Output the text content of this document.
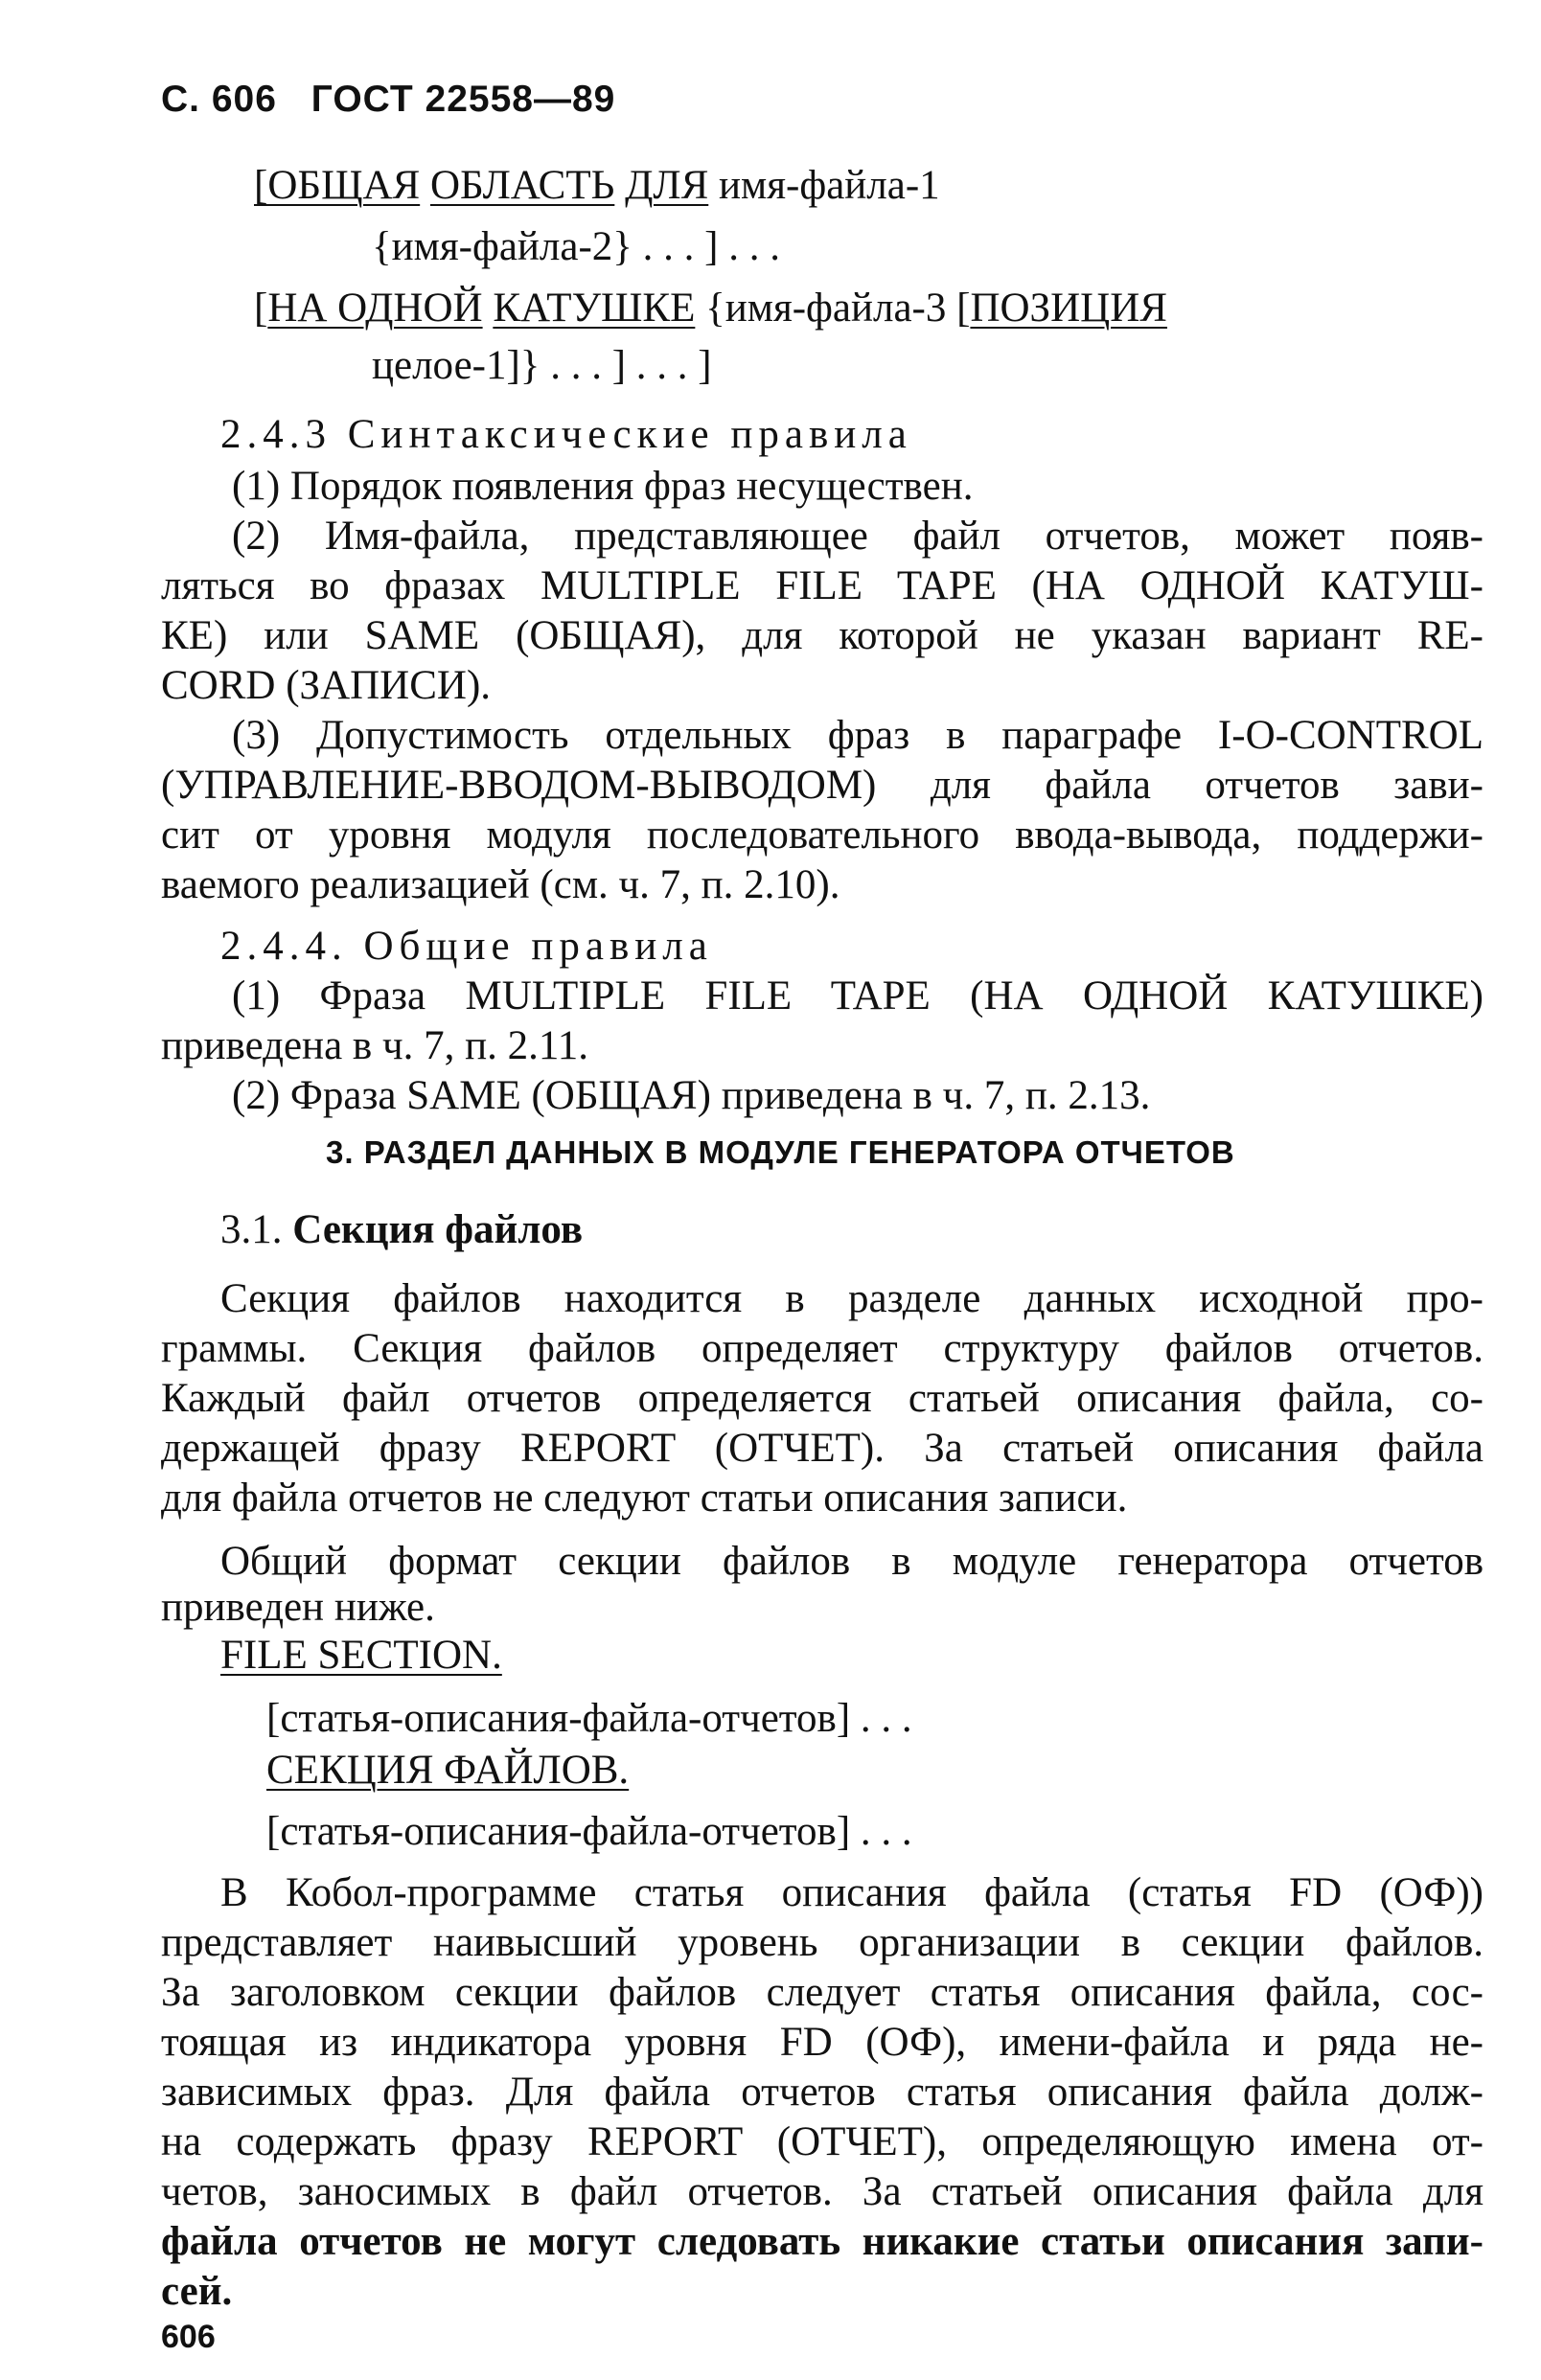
С. 606 ГОСТ 22558—89
[ОБЩАЯ ОБЛАСТЬ ДЛЯ имя-файла-1
{имя-файла-2} . . . ] . . .
[НА ОДНОЙ КАТУШКЕ {имя-файла-3 [ПОЗИЦИЯ
целое-1]} . . . ] . . . ]
2.4.3 Синтаксические правила
(1) Порядок появления фраз несуществен.
(2) Имя-файла, представляющее файл отчетов, может появ-
ляться во фразах MULTIPLE FILE TAPE (НА ОДНОЙ КАТУШ-
КЕ) или SAME (ОБЩАЯ), для которой не указан вариант RE-
CORD (ЗАПИСИ).
(3) Допустимость отдельных фраз в параграфе I-O-CONTROL
(УПРАВЛЕНИЕ-ВВОДОМ-ВЫВОДОМ) для файла отчетов зави-
сит от уровня модуля последовательного ввода-вывода, поддержи-
ваемого реализацией (см. ч. 7, п. 2.10).
2.4.4. Общие правила
(1) Фраза MULTIPLE FILE TAPE (НА ОДНОЙ КАТУШКЕ)
приведена в ч. 7, п. 2.11.
(2) Фраза SAME (ОБЩАЯ) приведена в ч. 7, п. 2.13.
3. РАЗДЕЛ ДАННЫХ В МОДУЛЕ ГЕНЕРАТОРА ОТЧЕТОВ
3.1. Секция файлов
Секция файлов находится в разделе данных исходной про-
граммы. Секция файлов определяет структуру файлов отчетов.
Каждый файл отчетов определяется статьей описания файла, со-
держащей фразу REPORT (ОТЧЕТ). За статьей описания файла
для файла отчетов не следуют статьи описания записи.
Общий формат секции файлов в модуле генератора отчетов
приведен ниже.
FILE SECTION.
[статья-описания-файла-отчетов] . . .
СЕКЦИЯ ФАЙЛОВ.
[статья-описания-файла-отчетов] . . .
В Кобол-программе статья описания файла (статья FD (ОФ))
представляет наивысший уровень организации в секции файлов.
За заголовком секции файлов следует статья описания файла, сос-
тоящая из индикатора уровня FD (ОФ), имени-файла и ряда не-
зависимых фраз. Для файла отчетов статья описания файла долж-
на содержать фразу REPORT (ОТЧЕТ), определяющую имена от-
четов, заносимых в файл отчетов. За статьей описания файла для
файла отчетов не могут следовать никакие статьи описания запи-
сей.
606
